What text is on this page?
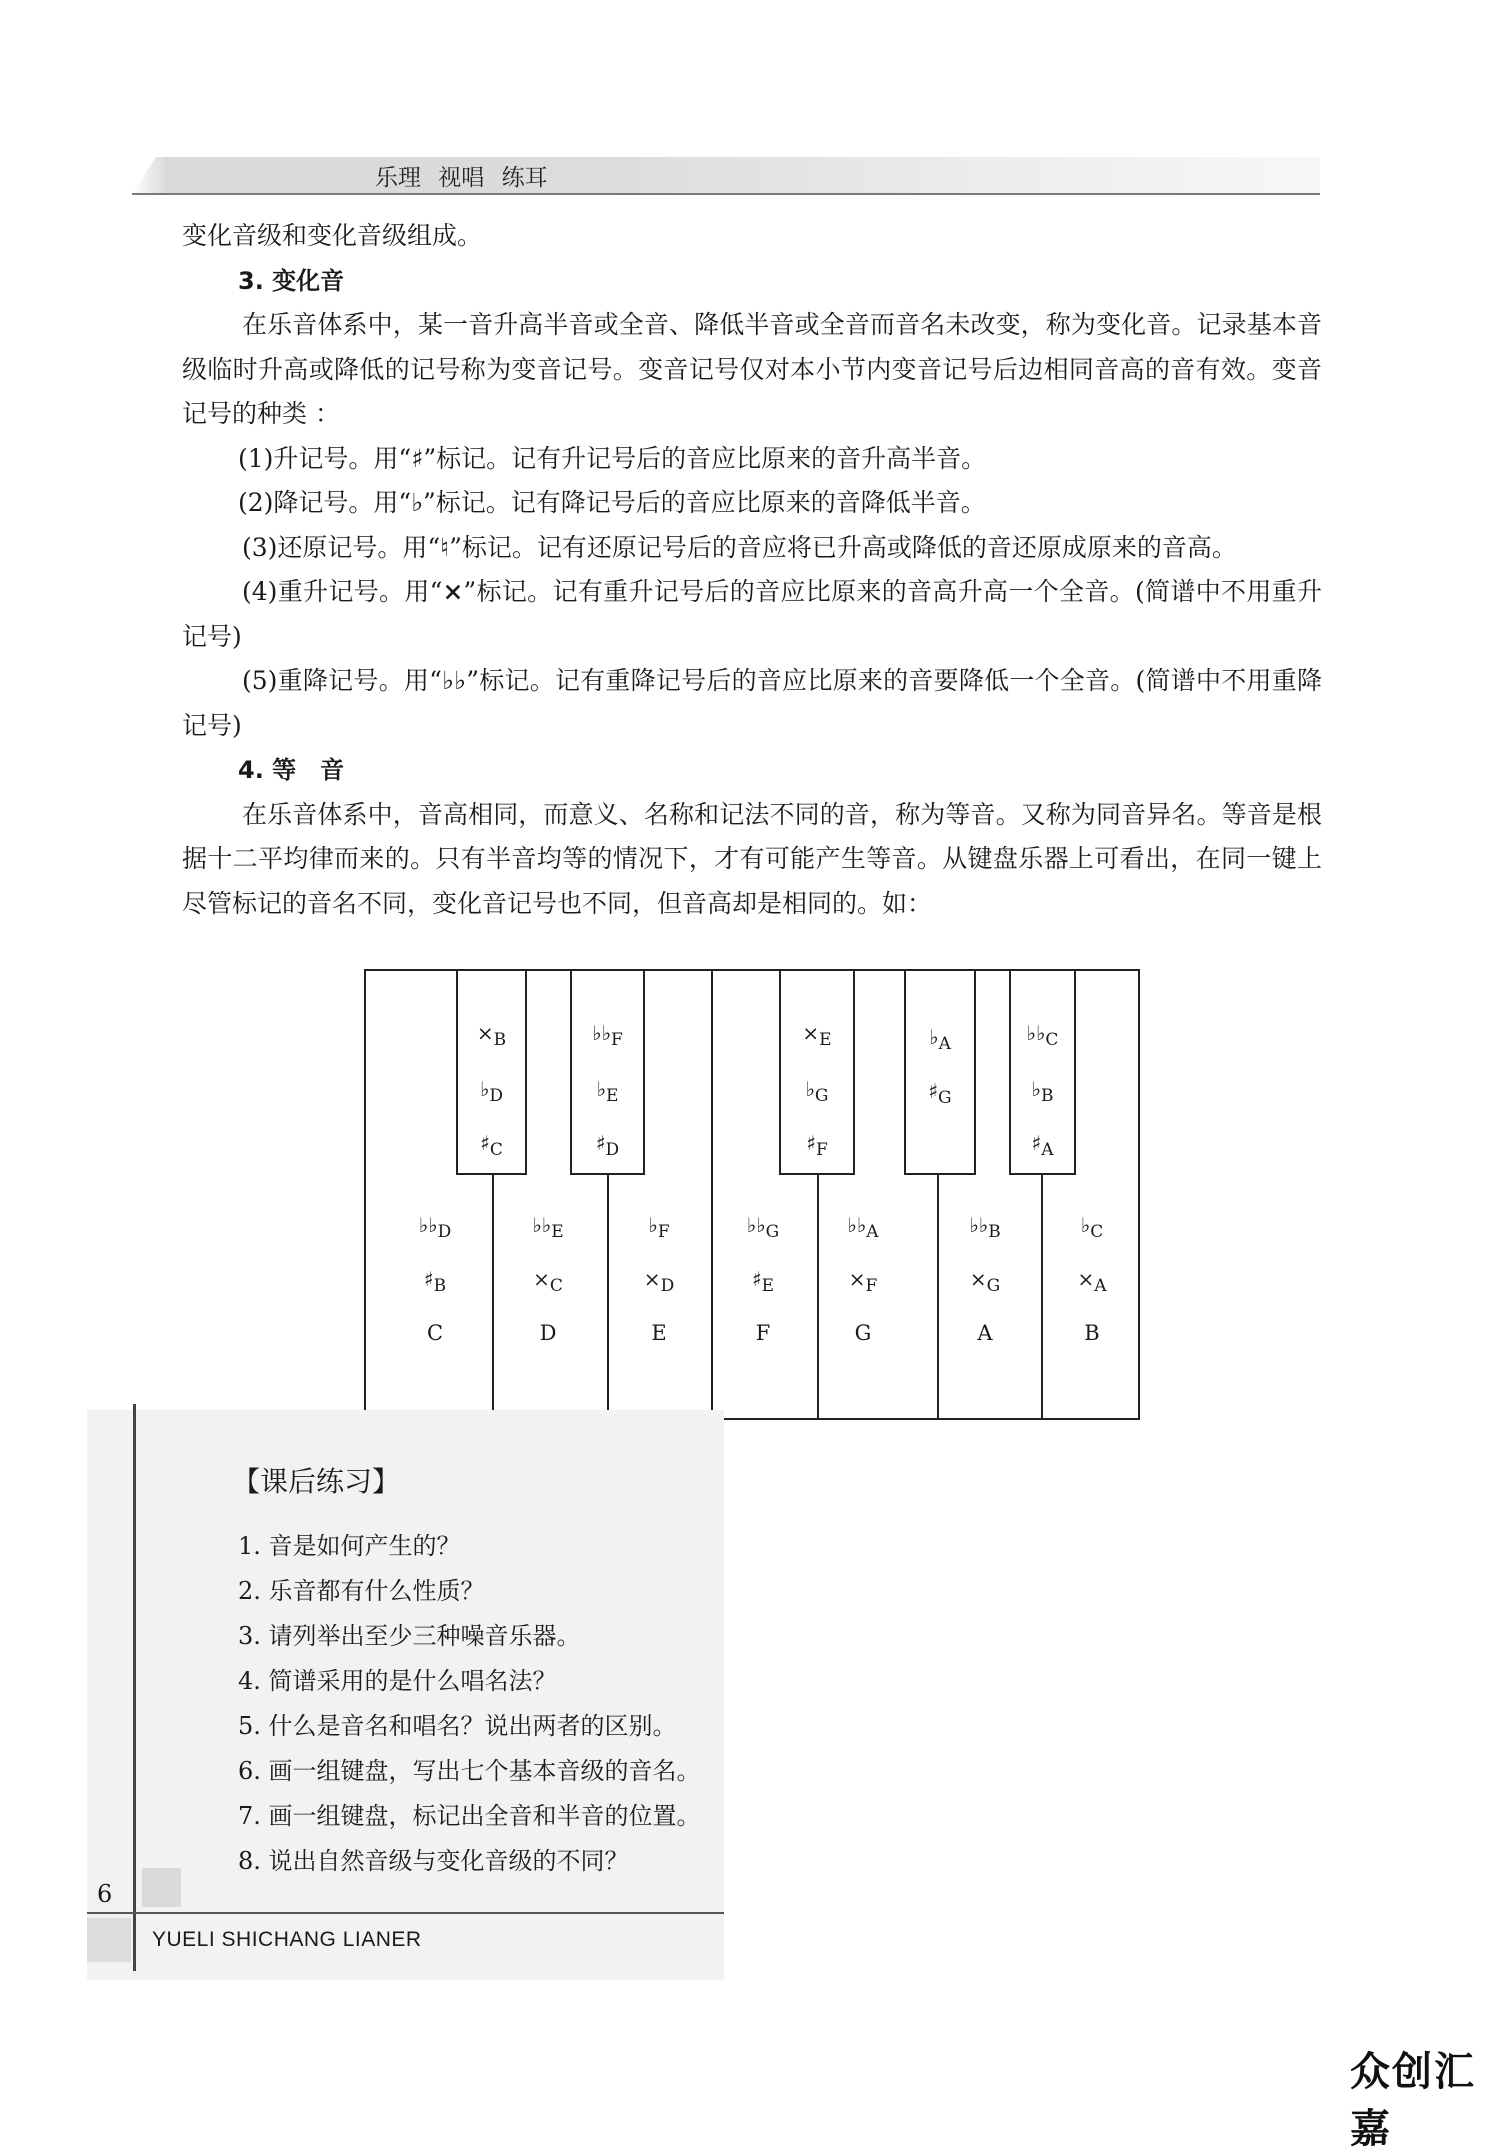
乐理 视唱 练耳

变化音级和变化音级组成。

3. 变化音

在乐音体系中，某一音升高半音或全音、降低半音或全音而音名未改变，称为变化音。记录基本音级临时升高或降低的记号称为变音记号。变音记号仅对本小节内变音记号后边相同音高的音有效。变音记号的种类 ：

(1)升记号。用“♯”标记。记有升记号后的音应比原来的音升高半音。

(2)降记号。用“♭”标记。记有降记号后的音应比原来的音降低半音。

(3)还原记号。用“♮”标记。记有还原记号后的音应将已升高或降低的音还原成原来的音高。

(4)重升记号。用“×”标记。记有重升记号后的音应比原来的音高升高一个全音。(简谱中不用重升记号)

(5)重降记号。用“♭♭”标记。记有重降记号后的音应比原来的音要降低一个全音。(简谱中不用重降记号)

4. 等　音

在乐音体系中，音高相同，而意义、名称和记法不同的音，称为等音。又称为同音异名。等音是根据十二平均律而来的。只有半音均等的情况下，才有可能产生等音。从键盘乐器上可看出，在同一键上尽管标记的音名不同，变化音记号也不同，但音高却是相同的。如：

$♭♭_D$
$♯_B$
C
$♭♭_E$
$\times_C$
D
$♭_F$
$\times_D$
E
$♭♭_G$
$♯_E$
F
$♭♭_A$
$\times_F$
G
$♭♭_B$
$\times_G$
A
$♭_C$
$\times_A$
B
$\times_B$
$♭_D$
$♯_C$
$♭♭_F$
$♭_E$
$♯_D$
$\times_E$
$♭_G$
$♯_F$
$♭_A$
$♯_G$
$♭♭_C$
$♭_B$
$♯_A$
【课后练习】
1. 音是如何产生的？
2. 乐音都有什么性质？
3. 请列举出至少三种噪音乐器。
4. 简谱采用的是什么唱名法？
5. 什么是音名和唱名？说出两者的区别。
6. 画一组键盘，写出七个基本音级的音名。
7. 画一组键盘，标记出全音和半音的位置。
8. 说出自然音级与变化音级的不同？
6
YUELI SHICHANG LIANER
众创汇嘉
